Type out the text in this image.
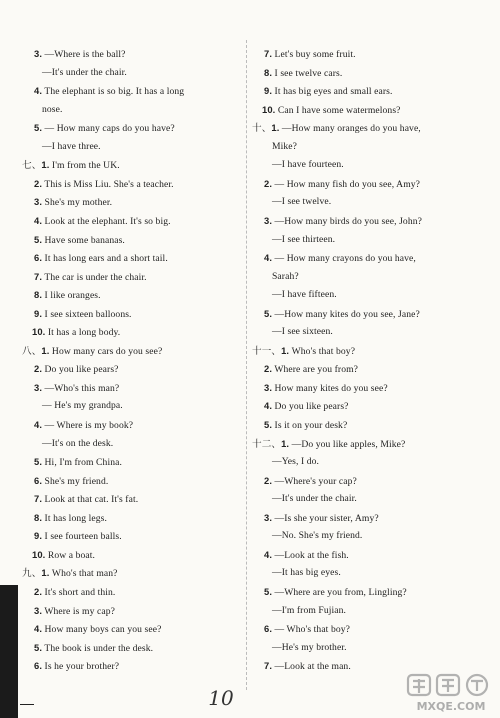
3. —Where is the ball?
—It's under the chair.
4. The elephant is so big. It has a long
nose.
5. — How many caps do you have?
—I have three.
七、1. I'm from the UK.
2. This is Miss Liu. She's a teacher.
3. She's my mother.
4. Look at the elephant. It's so big.
5. Have some bananas.
6. It has long ears and a short tail.
7. The car is under the chair.
8. I like oranges.
9. I see sixteen balloons.
10. It has a long body.
八、1. How many cars do you see?
2. Do you like pears?
3. —Who's this man?
— He's my grandpa.
4. — Where is my book?
—It's on the desk.
5. Hi, I'm from China.
6. She's my friend.
7. Look at that cat. It's fat.
8. It has long legs.
9. I see fourteen balls.
10. Row a boat.
九、1. Who's that man?
2. It's short and thin.
3. Where is my cap?
4. How many boys can you see?
5. The book is under the desk.
6. Is he your brother?
7. Let's buy some fruit.
8. I see twelve cars.
9. It has big eyes and small ears.
10. Can I have some watermelons?
十、1. —How many oranges do you have,
Mike?
—I have fourteen.
2. — How many fish do you see, Amy?
—I see twelve.
3. —How many birds do you see, John?
—I see thirteen.
4. — How many crayons do you have,
Sarah?
—I have fifteen.
5. —How many kites do you see, Jane?
—I see sixteen.
十一、1. Who's that boy?
2. Where are you from?
3. How many kites do you see?
4. Do you like pears?
5. Is it on your desk?
十二、1. —Do you like apples, Mike?
—Yes, I do.
2. —Where's your cap?
—It's under the chair.
3. —Is she your sister, Amy?
—No. She's my friend.
4. —Look at the fish.
—It has big eyes.
5. —Where are you from, Lingling?
—I'm from Fujian.
6. — Who's that boy?
—He's my brother.
7. —Look at the man.
10	MXQE.COM
